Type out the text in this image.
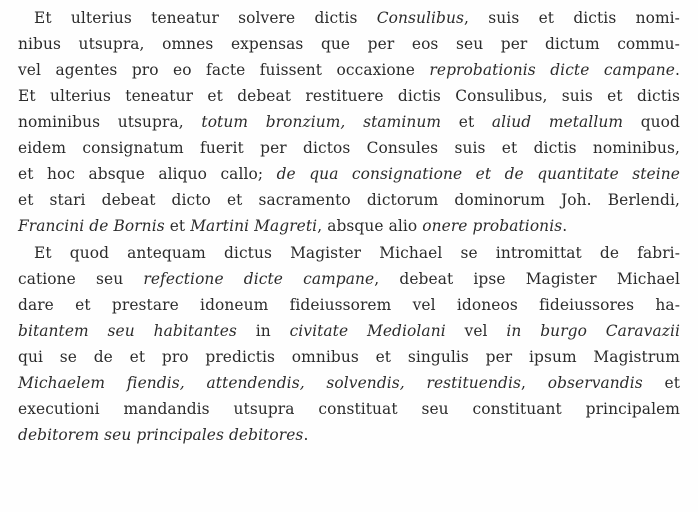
Et ulterius teneatur solvere dictis Consulibus, suis et dictis nomi-
nibus utsupra, omnes expensas que per eos seu per dictum commu-
vel agentes pro eo facte fuissent occaxione reprobationis dicte campane.
Et ulterius teneatur et debeat restituere dictis Consulibus, suis et dictis
nominibus utsupra, totum bronzium, staminum et aliud metallum quod
eidem consignatum fuerit per dictos Consules suis et dictis nominibus,
et hoc absque aliquo callo; de qua consignatione et de quantitate steine
et stari debeat dicto et sacramento dictorum dominorum Joh. Berlendi,
Francini de Bornis et Martini Magreti, absque alio onere probationis.
Et quod antequam dictus Magister Michael se intromittat de fabri-
catione seu refectione dicte campane, debeat ipse Magister Michael
dare et prestare idoneum fideiussorem vel idoneos fideiussores ha-
bitantem seu habitantes in civitate Mediolani vel in burgo Caravazii
qui se de et pro predictis omnibus et singulis per ipsum Magistrum
Michaelem fiendis, attendendis, solvendis, restituendis, observandis et
executioni mandandis utsupra constituat seu constituant principalem
debitorem seu principales debitores.
